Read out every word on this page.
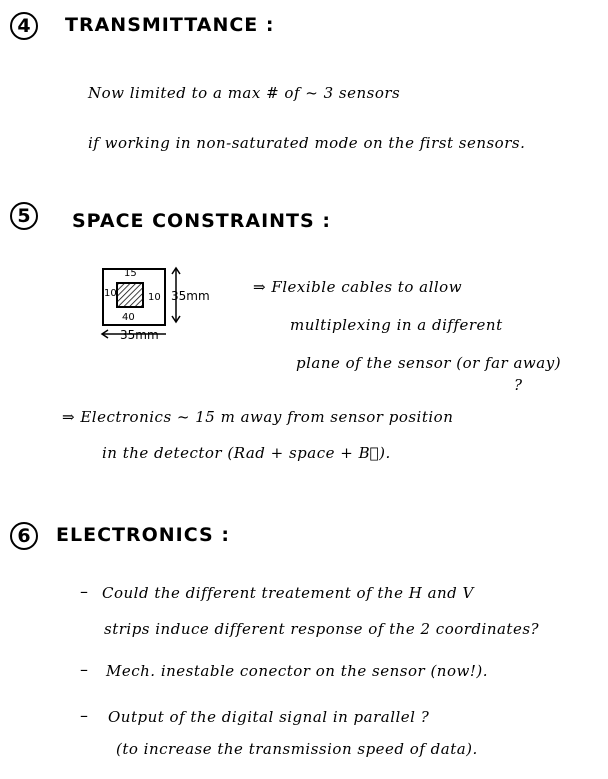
4 TRANSMITTANCE :
Now limited to a max # of ~ 3 sensors
if working in non-saturated mode on the first sensors.
5 SPACE CONSTRAINTS :
15
10	10
40
35mm
35mm
⇒ Flexible cables to allow
multiplexing in a different
plane of the sensor (or far away)
?
⇒ Electronics ~ 15 m away from sensor position
in the detector (Rad + space + B⃗).
6 ELECTRONICS :
– Could the different treatement of the H and V
strips induce different response of the 2 coordinates?
– Mech. inestable conector on the sensor (now!).
– Output of the digital signal in parallel ?
(to increase the transmission speed of data).
